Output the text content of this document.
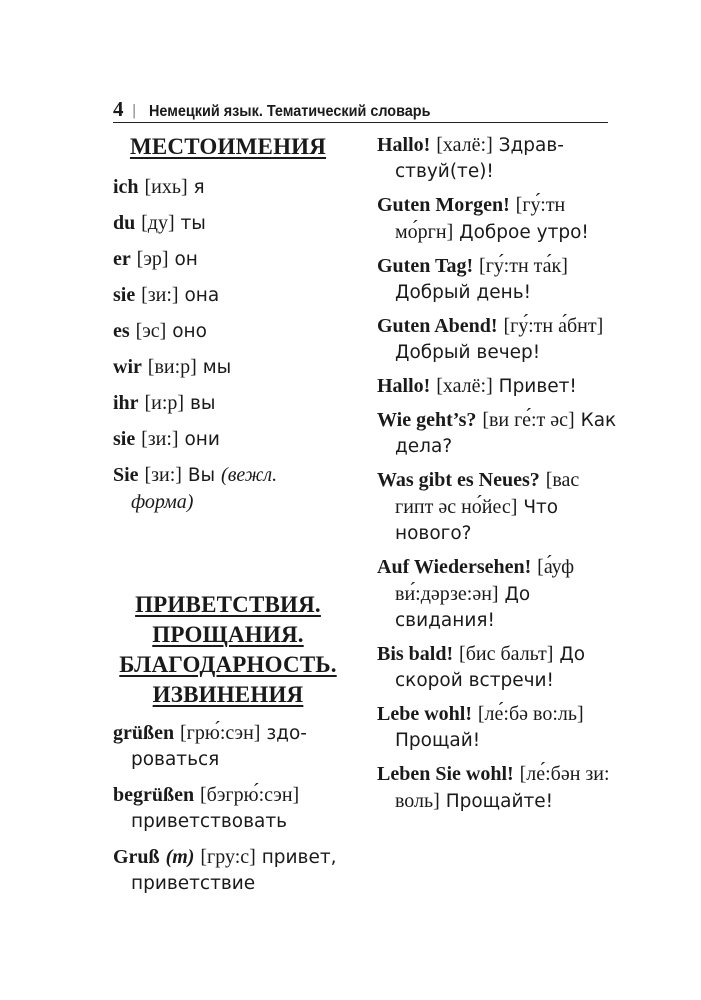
4 | Немецкий язык. Тематический словарь
МЕСТОИМЕНИЯ
ich [ихь] я
du [ду] ты
er [эр] он
sie [зи:] она
es [эс] оно
wir [ви:р] мы
ihr [и:р] вы
sie [зи:] они
Sie [зи:] Вы (вежл. форма)
ПРИВЕТСТВИЯ.
ПРОЩАНИЯ.
БЛАГОДАРНОСТЬ.
ИЗВИНЕНИЯ
grüßen [грю́:сэн] здороваться
begrüßen [бэгрю́:сэн] приветствовать
Gruß (m) [гру:с] привет, приветствие
Hallo! [халё:] Здравствуй(те)!
Guten Morgen! [гу́:тн мо́ргн] Доброе утро!
Guten Tag! [гу́:тн та́к] Добрый день!
Guten Abend! [гу́:тн а́бнт] Добрый вечер!
Hallo! [халё:] Привет!
Wie geht’s? [ви ге́:т әс] Как дела?
Was gibt es Neues? [вас гипт әс но́йес] Что нового?
Auf Wiedersehen! [а́уф ви́:дәрзе:ән] До свидания!
Bis bald! [бис бальт] До скорой встречи!
Lebe wohl! [ле́:бә во:ль] Прощай!
Leben Sie wohl! [ле́:бән зи: воль] Прощайте!
